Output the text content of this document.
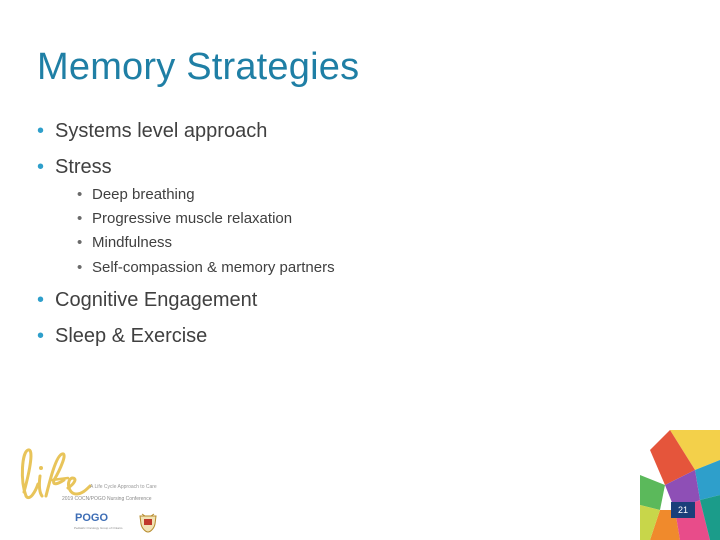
Memory Strategies
• Systems level approach
• Stress
• Deep breathing
• Progressive muscle relaxation
• Mindfulness
• Self-compassion & memory partners
• Cognitive Engagement
• Sleep & Exercise
A Life Cycle Approach to Care
2019 COCN/POGO Nursing Conference
POGO
Pediatric Oncology Group of Ontario
21
